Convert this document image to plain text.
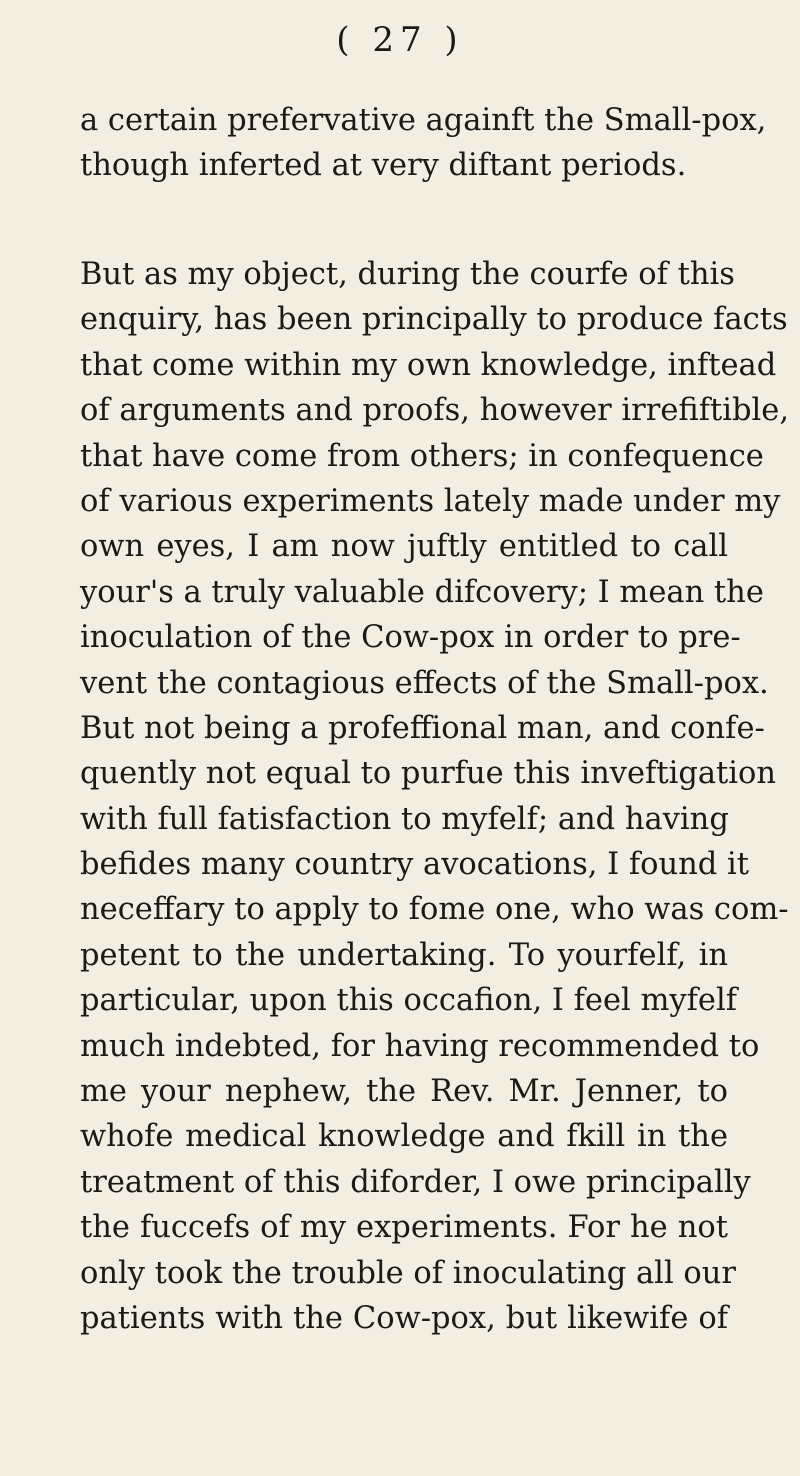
( 27 )
a certain prefervative againft the Small-pox,
though inferted at very diftant periods.
But as my object, during the courfe of this
enquiry, has been principally to produce facts
that come within my own knowledge, inftead
of arguments and proofs, however irrefiftible,
that have come from others; in confequence
of various experiments lately made under my
own eyes, I am now juftly entitled to call
your's a truly valuable difcovery; I mean the
inoculation of the Cow-pox in order to pre-
vent the contagious effects of the Small-pox.
But not being a profeffional man, and confe-
quently not equal to purfue this inveftigation
with full fatisfaction to myfelf; and having
befides many country avocations, I found it
neceffary to apply to fome one, who was com-
petent to the undertaking. To yourfelf, in
particular, upon this occafion, I feel myfelf
much indebted, for having recommended to
me your nephew, the Rev. Mr. Jenner, to
whofe medical knowledge and fkill in the
treatment of this diforder, I owe principally
the fuccefs of my experiments. For he not
only took the trouble of inoculating all our
patients with the Cow-pox, but likewife of
